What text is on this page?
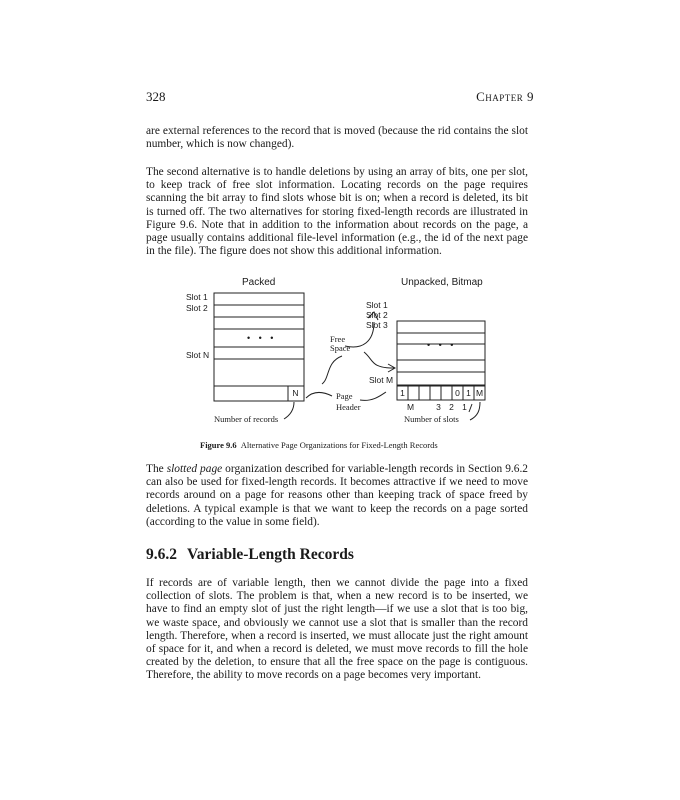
328	Chapter 9

are external references to the record that is moved (because the rid contains the slot number, which is now changed).

The second alternative is to handle deletions by using an array of bits, one per slot, to keep track of free slot information. Locating records on the page requires scanning the bit array to find slots whose bit is on; when a record is deleted, its bit is turned off. The two alternatives for storing fixed-length records are illustrated in Figure 9.6. Note that in addition to the information about records on the page, a page usually contains additional file-level information (e.g., the id of the next page in the file). The figure does not show this additional information.

Packed	Unpacked, Bitmap
Slot 1
Slot 2
Slot N
Slot 1
Slot 2
Slot 3
Slot M
Free
Space
Page
Header
• • •
• • •
N	1	0 1 M
M	3 2 1
Number of records	Number of slots
Figure 9.6 Alternative Page Organizations for Fixed-Length Records

The slotted page organization described for variable-length records in Section 9.6.2 can also be used for fixed-length records. It becomes attractive if we need to move records around on a page for reasons other than keeping track of space freed by deletions. A typical example is that we want to keep the records on a page sorted (according to the value in some field).

9.6.2 Variable-Length Records

If records are of variable length, then we cannot divide the page into a fixed collection of slots. The problem is that, when a new record is to be inserted, we have to find an empty slot of just the right length—if we use a slot that is too big, we waste space, and obviously we cannot use a slot that is smaller than the record length. Therefore, when a record is inserted, we must allocate just the right amount of space for it, and when a record is deleted, we must move records to fill the hole created by the deletion, to ensure that all the free space on the page is contiguous. Therefore, the ability to move records on a page becomes very important.
